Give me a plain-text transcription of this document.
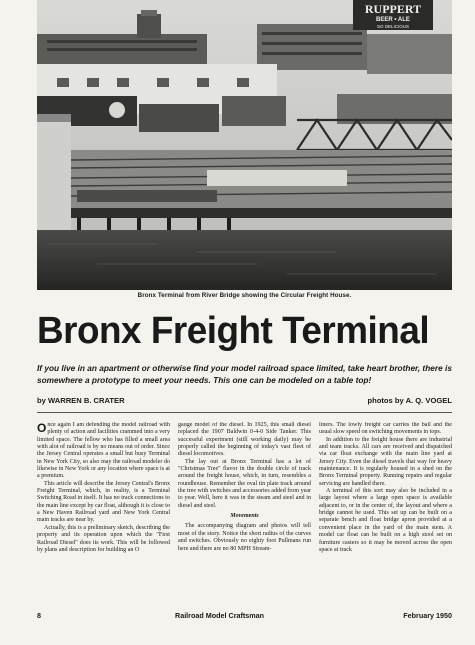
RUPPERT
BEER • ALE
SO DELICIOUS
Bronx Terminal from River Bridge showing the Circular Freight House.
Bronx Freight Terminal
If you live in an apartment or otherwise find your model railroad space limited, take heart brother, there is somewhere a prototype to meet your needs. This one can be modeled on a table top!
by WARREN B. CRATER	photos by A. Q. VOGEL

Once again I am defending the model railroad with plenty of action and facilities crammed into a very limited space. The fellow who has filled a small area with alot of railroad is by no means out of order. Since the Jersey Central operates a small but busy Terminal in New York City, so also may the railroad modeler do likewise in New York or any location where space is at a premium.

This article will describe the Jersey Central's Bronx Freight Terminal, which, in reality, is a Terminal Switching Road in itself. It has no track connections to the main line except by car float, although it is close to a New Haven Railroad yard and New York Central main tracks are near by.

Actually, this is a preliminary sketch, describing the property and its operation upon which the "First Railroad Diesel" does its work. This will be followed by plans and description for building an O

gauge model of the diesel. In 1925, this small diesel replaced the 1907 Baldwin 0-4-0 Side Tanker. This successful experiment (still working daily) may be properly called the beginning of today's vast fleet of diesel locomotives.

The lay out at Bronx Terminal has a lot of "Christmas Tree" flavor in the double circle of track around the freight house, which, in turn, resembles a roundhouse. Remember the oval tin plate track around the tree with switches and accessories added from year to year. Well, here it was in the steam and steel and in diesel and steel.

Movements

The accompanying diagram and photos will tell most of the story. Notice the short radius of the curves and switches. Obviously no eighty foot Pullmans run here and there are no 80 MPH Stream-

liners. The lowly freight car carries the ball and the usual slow speed on switching movements in tops.

In addition to the freight house there are industrial and team tracks. All cars are received and dispatched via car float exchange with the main line yard at Jersey City. Even the diesel travels that way for heavy maintenance. It is regularly housed in a shed on the Bronx Terminal property. Running repairs and regular servicing are handled there.

A terminal of this sort may also be included in a large layout where a large open space is available adjacent to, or in the center of, the layout and where a bridge cannot be used. This set up can be built on a separate bench and float bridge apron provided at a convenient place in the yard of the main stem. A model car float can be built on a high stool set on furniture casters so it may be moved across the open space at track

8	Railroad Model Craftsman	February 1950
